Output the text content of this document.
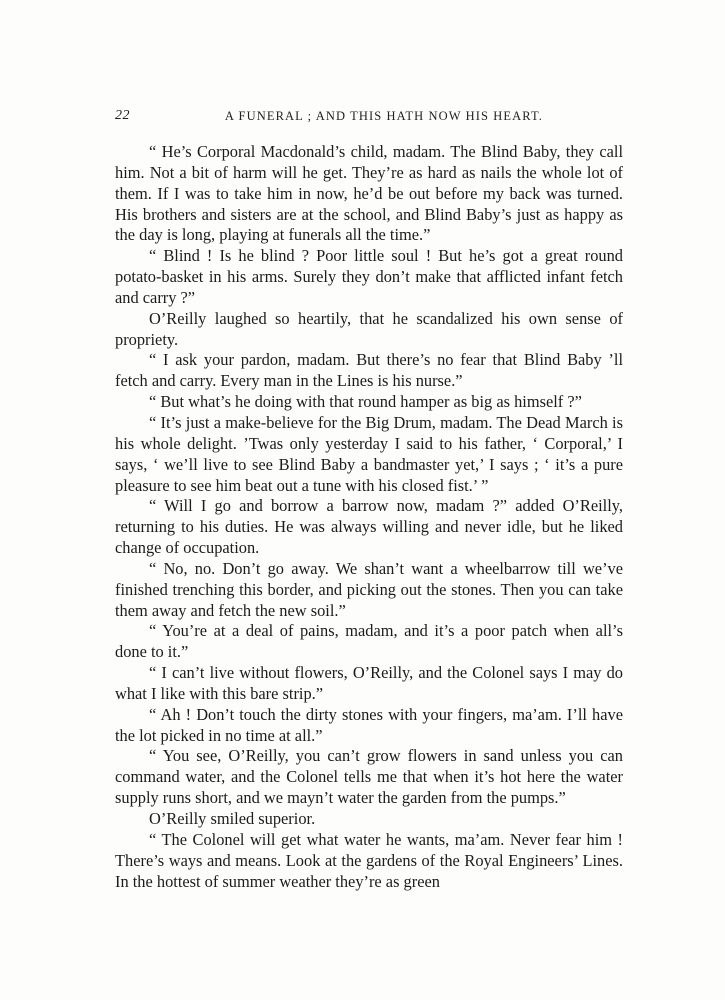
22	A FUNERAL ; AND THIS HATH NOW HIS HEART.

“ He’s Corporal Macdonald’s child, madam. The Blind Baby, they call him. Not a bit of harm will he get. They’re as hard as nails the whole lot of them. If I was to take him in now, he’d be out before my back was turned. His brothers and sisters are at the school, and Blind Baby’s just as happy as the day is long, playing at funerals all the time.”

“ Blind ! Is he blind ? Poor little soul ! But he’s got a great round potato-basket in his arms. Surely they don’t make that afflicted infant fetch and carry ?”

O’Reilly laughed so heartily, that he scandalized his own sense of propriety.

“ I ask your pardon, madam. But there’s no fear that Blind Baby ’ll fetch and carry. Every man in the Lines is his nurse.”

“ But what’s he doing with that round hamper as big as himself ?”

“ It’s just a make-believe for the Big Drum, madam. The Dead March is his whole delight. ’Twas only yesterday I said to his father, ‘ Corporal,’ I says, ‘ we’ll live to see Blind Baby a bandmaster yet,’ I says ; ‘ it’s a pure pleasure to see him beat out a tune with his closed fist.’ ”

“ Will I go and borrow a barrow now, madam ?” added O’Reilly, returning to his duties. He was always willing and never idle, but he liked change of occupation.

“ No, no. Don’t go away. We shan’t want a wheelbarrow till we’ve finished trenching this border, and picking out the stones. Then you can take them away and fetch the new soil.”

“ You’re at a deal of pains, madam, and it’s a poor patch when all’s done to it.”

“ I can’t live without flowers, O’Reilly, and the Colonel says I may do what I like with this bare strip.”

“ Ah ! Don’t touch the dirty stones with your fingers, ma’am. I’ll have the lot picked in no time at all.”

“ You see, O’Reilly, you can’t grow flowers in sand unless you can command water, and the Colonel tells me that when it’s hot here the water supply runs short, and we mayn’t water the garden from the pumps.”

O’Reilly smiled superior.

“ The Colonel will get what water he wants, ma’am. Never fear him ! There’s ways and means. Look at the gardens of the Royal Engineers’ Lines. In the hottest of summer weather they’re as green
